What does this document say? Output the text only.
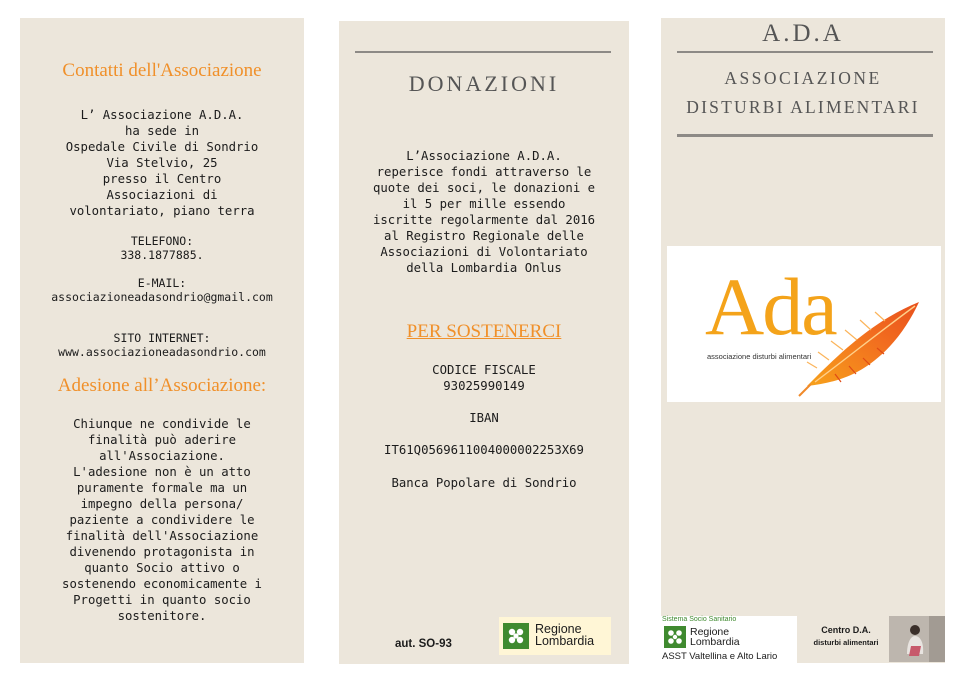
Contatti dell'Associazione
L’ Associazione A.D.A.
ha sede in
Ospedale Civile di Sondrio
Via Stelvio, 25
presso il Centro
Associazioni di
volontariato, piano terra
TELEFONO:
338.1877885.
E-MAIL:
associazioneadasondrio@gmail.com
SITO INTERNET:
www.associazioneadasondrio.com
Adesione all’Associazione:
Chiunque ne condivide le
finalità può aderire
all'Associazione.
L'adesione non è un atto
puramente formale ma un
impegno della persona/
paziente a condividere le
finalità dell'Associazione
divenendo protagonista in
quanto Socio attivo o
sostenendo economicamente i
Progetti in quanto socio
sostenitore.
DONAZIONI
L’Associazione A.D.A.
reperisce fondi attraverso le
quote dei soci, le donazioni e
il 5 per mille essendo
iscritte regolarmente dal 2016
al Registro Regionale delle
Associazioni di Volontariato
della Lombardia Onlus
PER SOSTENERCI
CODICE FISCALE
93025990149
IBAN
IT61Q0569611004000002253X69
Banca Popolare di Sondrio
aut. SO-93
Regione
Lombardia
A.D.A
ASSOCIAZIONE
DISTURBI ALIMENTARI
Ada
associazione disturbi alimentari
Sistema Socio Sanitario
Regione
Lombardia
ASST Valtellina e Alto Lario
Centro D.A.
disturbi alimentari
